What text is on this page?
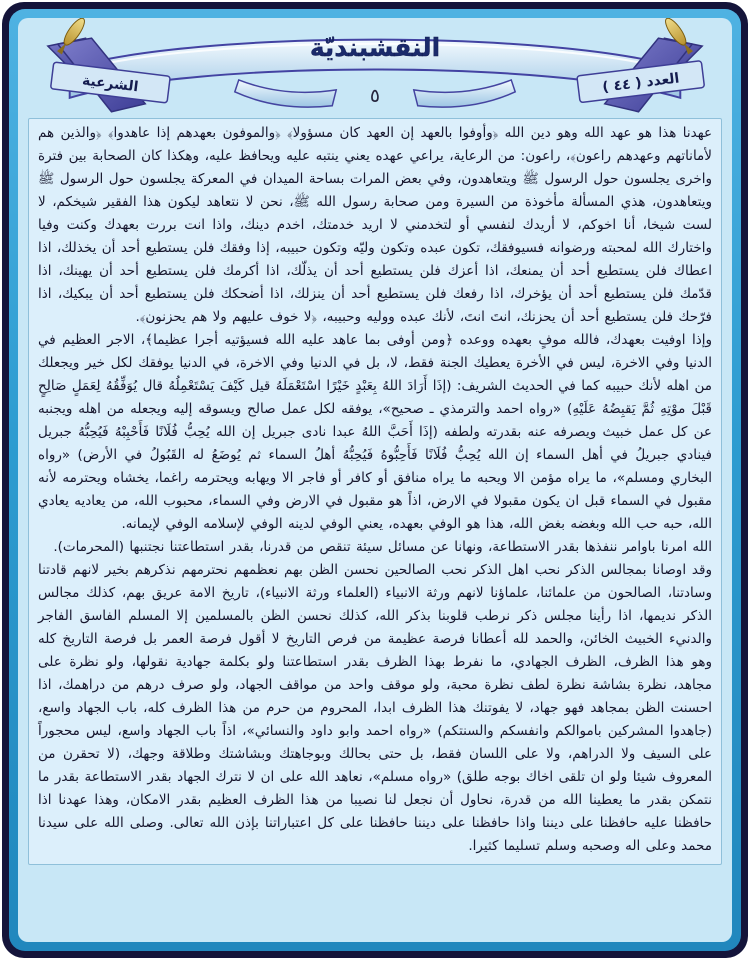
الشرعية	العدد ( ٤٤ )
النقشبنديّة
٥

عهدنا هذا هو عهد الله وهو دين الله ﴿وأوفوا بالعهد إن العهد كان مسؤولا﴾ ﴿والموفون بعهدهم إذا عاهدوا﴾ ﴿والذين هم لأماناتهم وعهدهم راعون﴾، راعون: من الرعاية، يراعي عهده يعني ينتبه عليه ويحافظ عليه، وهكذا كان الصحابة بين فترة واخرى يجلسون حول الرسول ﷺ ويتعاهدون، وفي بعض المرات بساحة الميدان في المعركة يجلسون حول الرسول ﷺ ويتعاهدون، هذي المسألة مأخوذة من السيرة ومن صحابة رسول الله ﷺ، نحن لا نتعاهد ليكون هذا الفقير شيخكم، لا لست شيخا، أنا اخوكم، لا أريدك لنفسي أو لتخدمني لا اريد خدمتك، اخدم دينك، واذا انت بررت بعهدك وكنت وفيا واختارك الله لمحبته ورضوانه فسيوفقك، تكون عبده وتكون وليّه وتكون حبيبه، إذا وفقك فلن يستطيع أحد أن يخذلك، اذا اعطاك فلن يستطيع أحد أن يمنعك، اذا أعزك فلن يستطيع أحد أن يذلّك، اذا أكرمك فلن يستطيع أحد أن يهينك، اذا قدّمك فلن يستطيع أحد أن يؤخرك، اذا رفعك فلن يستطيع أحد أن ينزلك، اذا أضحكك فلن يستطيع أحد أن يبكيك، اذا فرّحك فلن يستطيع أحد أن يحزنك، انتَ انتَ، لأنك عبده ووليه وحبيبه، ﴿لا خوف عليهم ولا هم يحزنون﴾.

وإذا اوفيت بعهدك، فالله موفٍ بعهده ووعده ﴿ومن أوفى بما عاهد عليه الله فسيؤتيه أجرا عظيما﴾، الاجر العظيم في الدنيا وفي الاخرة، ليس في الأخرة يعطيك الجنة فقط، لا، بل في الدنيا وفي الاخرة، في الدنيا يوفقك لكل خير ويجعلك من اهله لأنك حبيبه كما في الحديث الشريف: (إذَا أَرَادَ اللهُ بِعَبْدٍ خَيْرًا اسْتَعْمَلَهُ قيل كَيْفَ يَسْتَعْمِلُهُ قال يُوَفِّقُهُ لِعَمَلٍ صَالِحٍ قَبْلَ موْتِهِ ثُمَّ يَقبِضُهُ عَلَيْهِ) «رواه احمد والترمذي ـ صحيح»، يوفقه لكل عمل صالح ويسوقه إليه ويجعله من اهله ويجنبه عن كل عمل خبيث ويصرفه عنه بقدرته ولطفه (إذَا أَحَبَّ اللهُ عبدا نادى جبريل إن الله يُحِبُّ فُلَانًا فَأَحْبِبْهُ فَيُحِبُّهُ جبريل فينادي جبريلُ في أهل السماء إن الله يُحِبُّ فُلَانًا فَأَحِبُّوهُ فَيُحِبُّهُ أهلُ السماء ثم يُوضَعُ له القَبُولُ في الأرض) «رواه البخاري ومسلم»، ما يراه مؤمن الا ويحبه ما يراه منافق أو كافر أو فاجر الا ويهابه ويحترمه راغما، يخشاه ويحترمه لأنه مقبول في السماء قبل ان يكون مقبولا في الارض، اذاً هو مقبول في الارض وفي السماء، محبوب الله، من يعاديه يعادي الله، حبه حب الله وبغضه بغض الله، هذا هو الوفي بعهده، يعني الوفي لدينه الوفي لإسلامه الوفي لإيمانه.

الله امرنا باوامر ننفذها بقدر الاستطاعة، ونهانا عن مسائل سيئة تنقص من قدرنا، بقدر استطاعتنا نجتنبها (المحرمات).

وقد اوصانا بمجالس الذكر نحب اهل الذكر نحب الصالحين نحسن الظن بهم نعظمهم نحترمهم نذكرهم بخير لانهم قادتنا وسادتنا، الصالحون من علمائنا، علماؤنا لانهم ورثة الانبياء (العلماء ورثة الانبياء)، تاريخ الامة عريق بهم، كذلك مجالس الذكر نديمها، اذا رأينا مجلس ذكر نرطب قلوبنا بذكر الله، كذلك نحسن الظن بالمسلمين إلا المسلم الفاسق الفاجر والدنيء الخبيث الخائن، والحمد لله أعطانا فرصة عظيمة من فرص التاريخ لا أقول فرصة العمر بل فرصة التاريخ كله وهو هذا الظرف، الظرف الجهادي، ما نفرط بهذا الظرف بقدر استطاعتنا ولو بكلمة جهادية نقولها، ولو نظرة على مجاهد، نظرة بشاشة نظرة لطف نظرة محبة، ولو موقف واحد من مواقف الجهاد، ولو صرف درهم من دراهمك، اذا احسنت الظن بمجاهد فهو جهاد، لا يفوتنك هذا الظرف ابدا، المحروم من حرم من هذا الظرف كله، باب الجهاد واسع، (جاهدوا المشركين باموالكم وانفسكم والسنتكم) «رواه احمد وابو داود والنسائي»، اذاً باب الجهاد واسع، ليس محجوراً على السيف ولا الدراهم، ولا على اللسان فقط، بل حتى بحالك وبوجاهتك وبشاشتك وطلاقة وجهك، (لا تحقرن من المعروف شيئا ولو ان تلقى اخاك بوجه طلق) «رواه مسلم»، نعاهد الله على ان لا نترك الجهاد بقدر الاستطاعة بقدر ما نتمكن بقدر ما يعطينا الله من قدرة، نحاول أن نجعل لنا نصيبا من هذا الظرف العظيم بقدر الامكان، وهذا عهدنا اذا حافظنا عليه حافظنا على ديننا واذا حافظنا على ديننا حافظنا على كل اعتباراتنا بإذن الله تعالى. وصلى الله على سيدنا محمد وعلى اله وصحبه وسلم تسليما كثيرا.
